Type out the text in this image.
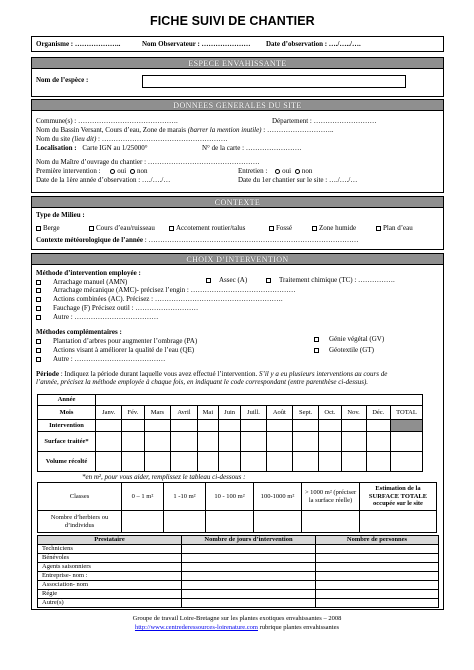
FICHE SUIVI DE CHANTIER
Organisme : ………………..	Nom Observateur : ………………… Date d’observation : …./…../….
ESPECE ENVAHISSANTE
Nom de l’espèce :
DONNEES GENERALES DU SITE
Commune(s) : …………………………………….	Département : ………………………
Nom du Bassin Versant, Cours d’eau, Zone de marais (barrer la mention inutile) : ………………………..
Nom du site (lieu dit) : ………………………………………………
Localisation : Carte IGN au 1/25000°	N° de la carte : ……………………
Nom du Maître d’ouvrage du chantier : …………………………………………
Première intervention : oui non	Entretien : oui non
Date de la 1ère année d’observation : …./…./…	Date du 1er chantier sur le site : …./…./…
CONTEXTE
Type de Milieu :
Berge	Cours d’eau/ruisseau	Accotement routier/talus	Fossé	Zone humide	Plan d’eau
Contexte météorologique de l’année : ………………………………………………………………………………
CHOIX D’INTERVENTION
Méthode d’intervention employée :
Arrachage manuel (AMN)
Arrachage mécanique (AMC)- précisez l’engin : ………………………………………
Actions combinées (AC). Précisez : ……………………………………………….
Fauchage (F) Précisez outil : ………………………
Autre : ………………………………
Assec (A)	Traitement chimique (TC) : …………….
Méthodes complémentaires :
Plantation d’arbres pour augmenter l’ombrage (PA)
Actions visant à améliorer la qualité de l’eau (QE)
Autre : …………………………………
Génie végétal (GV)
Géotextile (GT)
Période : Indiquez la période durant laquelle vous avez effectué l’intervention. S’il y a eu plusieurs interventions au cours de
l’année, précisez la méthode employée à chaque fois, en indiquant le code correspondant (entre parenthèse ci-dessus).
Année													
Mois	Janv.	Fév.	Mars	Avril	Mai	Juin	Juill.	Août	Sept.	Oct.	Nov.	Déc.	TOTAL
Intervention													
Surface traitée*													
Volume récolté													
*en m², pour vous aider, remplissez le tableau ci-dessous :
Classes	0 – 1 m²	1 -10 m²	10 - 100 m²	100-1000 m²	> 1000 m² (préciser la surface réelle)	Estimation de la SURFACE TOTALE occupée sur le site
Nombre d’herbiers ou d’individus						
Prestataire	Nombre de jours d’intervention	Nombre de personnes
Techniciens		
Bénévoles		
Agents saisonniers		
Entreprise- nom :		
Association- nom		
Régie		
Autre(s)		
Groupe de travail Loire-Bretagne sur les plantes exotiques envahissantes – 2008
http://www.centrederessources-loirenature.com rubrique plantes envahissantes
